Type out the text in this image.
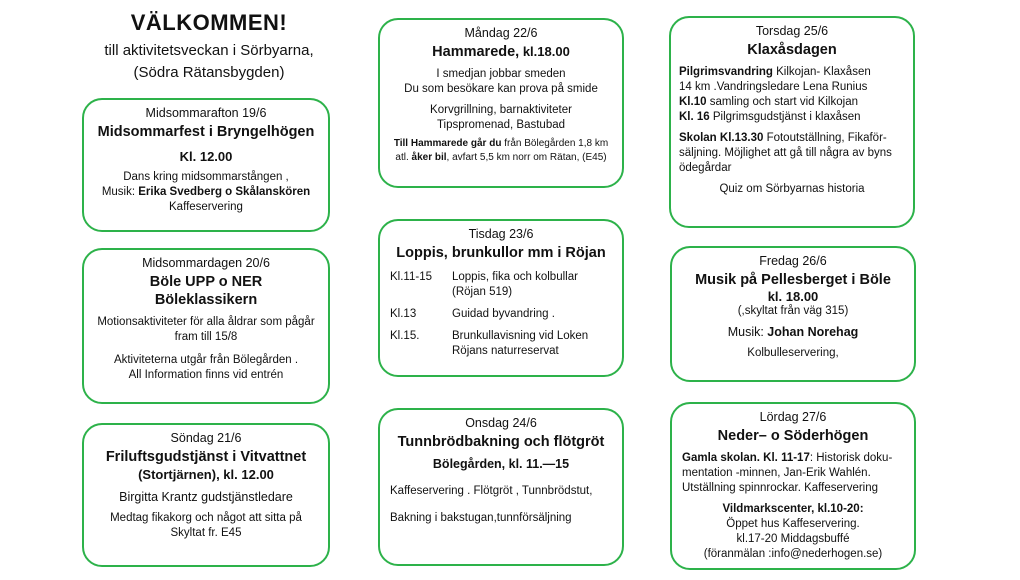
VÄLKOMMEN!
till aktivitetsveckan i Sörbyarna,
(Södra Rätansbygden)
Midsommarafton 19/6
Midsommarfest i Bryngelhögen
Kl. 12.00
Dans kring midsommarstången ,
Musik: Erika Svedberg o Skålanskören
Kaffeservering
Midsommardagen 20/6
Böle UPP o NER
Böleklassikern
Motionsaktiviteter för alla åldrar som pågår fram till 15/8
Aktiviteterna utgår från Bölegården .
All Information finns vid entrén
Söndag 21/6
Friluftsgudstjänst i Vitvattnet
(Stortjärnen), kl. 12.00
Birgitta Krantz gudstjänstledare
Medtag fikakorg och något att sitta på
Skyltat fr. E45
Måndag 22/6
Hammarede, kl.18.00
I smedjan jobbar smeden
Du som besökare kan prova på smide
Korvgrillning, barnaktiviteter
Tipspromenad, Bastubad
Till Hammarede går du från Bölegården 1,8 km
atl. åker bil, avfart 5,5 km norr om Rätan, (E45)
Tisdag 23/6
Loppis, brunkullor mm i Röjan
Kl.11-15	Loppis, fika och kolbullar (Röjan 519)
Kl.13	Guidad byvandring .
Kl.15.	Brunkullavisning vid Loken Röjans naturreservat
Onsdag 24/6
Tunnbrödbakning och flötgröt
Bölegården, kl. 11.—15
Kaffeservering . Flötgröt , Tunnbrödstut,
Bakning i bakstugan,tunnförsäljning
Torsdag 25/6
Klaxåsdagen
Pilgrimsvandring Kilkojan- Klaxåsen
14 km .Vandringsledare Lena Runius
Kl.10 samling och start vid Kilkojan
Kl. 16 Pilgrimsgudstjänst i klaxåsen
Skolan Kl.13.30 Fotoutställning, Fikaför-säljning. Möjlighet att gå till några av byns ödegårdar
Quiz om Sörbyarnas historia
Fredag 26/6
Musik på Pellesberget i Böle
kl. 18.00
(,skyltat från väg 315)
Musik: Johan Norehag
Kolbulleservering,
Lördag 27/6
Neder– o Söderhögen
Gamla skolan. Kl. 11-17: Historisk doku-mentation -minnen, Jan-Erik Wahlén. Utställning spinnrockar. Kaffeservering
Vildmarkscenter, kl.10-20:
Öppet hus Kaffeservering.
kl.17-20 Middagsbuffé
(föranmälan :info@nederhogen.se)
